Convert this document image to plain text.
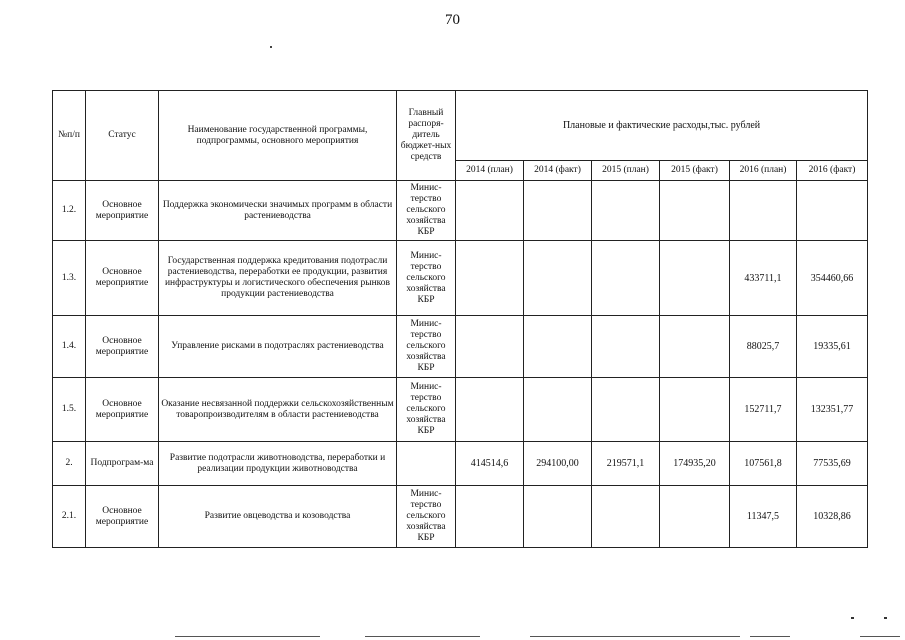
70
№п/п	Статус	Наименование государственной программы, подпрограммы, основного мероприятия	Главный распоря-дитель бюджет-ных средств	Плановые и фактические расходы,тыс. рублей					
				2014 (план)	2014 (факт)	2015 (план)	2015 (факт)	2016 (план)	2016 (факт)
1.2.	Основное мероприятие	Поддержка экономически значимых программ в области растениеводства	Минис-терство сельского хозяйства КБР						
1.3.	Основное мероприятие	Государственная поддержка кредитования подотрасли растениеводства, переработки ее продукции, развития инфраструктуры и логистического обеспечения рынков продукции растениеводства	Минис-терство сельского хозяйства КБР					433711,1	354460,66
1.4.	Основное мероприятие	Управление рисками в подотраслях растениеводства	Минис-терство сельского хозяйства КБР					88025,7	19335,61
1.5.	Основное мероприятие	Оказание несвязанной поддержки сельскохозяйственным товаропроизводителям в области растениеводства	Минис-терство сельского хозяйства КБР					152711,7	132351,77
2.	Подпрограм-ма	Развитие подотрасли животноводства, переработки и реализации продукции животноводства		414514,6	294100,00	219571,1	174935,20	107561,8	77535,69
2.1.	Основное мероприятие	Развитие овцеводства и козоводства	Минис-терство сельского хозяйства КБР					11347,5	10328,86
